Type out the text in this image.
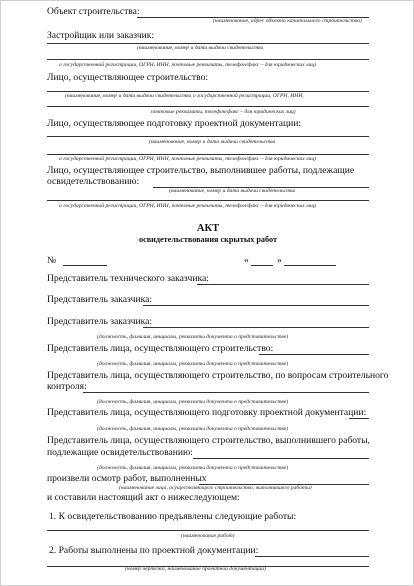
Объект строительства:
(наименование, адрес объекта капитального строительства)
Застройщик или заказчик:
(наименование, номер и дата выдачи свидетельства
о государственной регистрации, ОГРН, ИНН, почтовые реквизиты, телефон/факс – для юридических лиц)
Лицо, осуществляющее строительство:
(наименование, номер и дата выдачи свидетельства о государственной регистрации, ОГРН, ИНН,
почтовые реквизиты, телефон/факс – для юридических лиц)
Лицо, осуществляющее подготовку проектной документации:
(наименование, номер и дата выдачи свидетельства
о государственной регистрации, ОГРН, ИНН, почтовые реквизиты, телефон/факс – для юридических лиц)
Лицо, осуществляющее строительство, выполнившее работы, подлежащие
освидетельствованию:
(наименование, номер и дата выдачи свидетельства
о государственной регистрации, ОГРН, ИНН, почтовые реквизиты, телефон/факс – для юридических лиц)
АКТ
освидетельствования скрытых работ
№	«	»
Представитель технического заказчика:
Представитель заказчика:
Представитель заказчика:
(должность, фамилия, инициалы, реквизиты документа о представительстве)
Представитель лица, осуществляющего строительство:
(должность, фамилия, инициалы, реквизиты документа о представительстве)
Представитель лица, осуществляющего строительство, по вопросам строительного
контроля:
(должность, фамилия, инициалы, реквизиты документа о представительстве)
Представитель лица, осуществляющего подготовку проектной документации:
(должность, фамилия, инициалы, реквизиты документа о представительстве)
Представитель лица, осуществляющего строительство, выполнившего работы,
подлежащие освидетельствованию:
(должность, фамилия, инициалы, реквизиты документа о представительстве)
произвели осмотр работ, выполненных
(наименование лица, осуществляющего строительство, выполнившего работы)
и составили настоящий акт о нижеследующем:
1. К освидетельствованию предъявлены следующие работы:
(наименование работ)
2. Работы выполнены по проектной документации:
(номер чертежа, наименование проектной документации)
